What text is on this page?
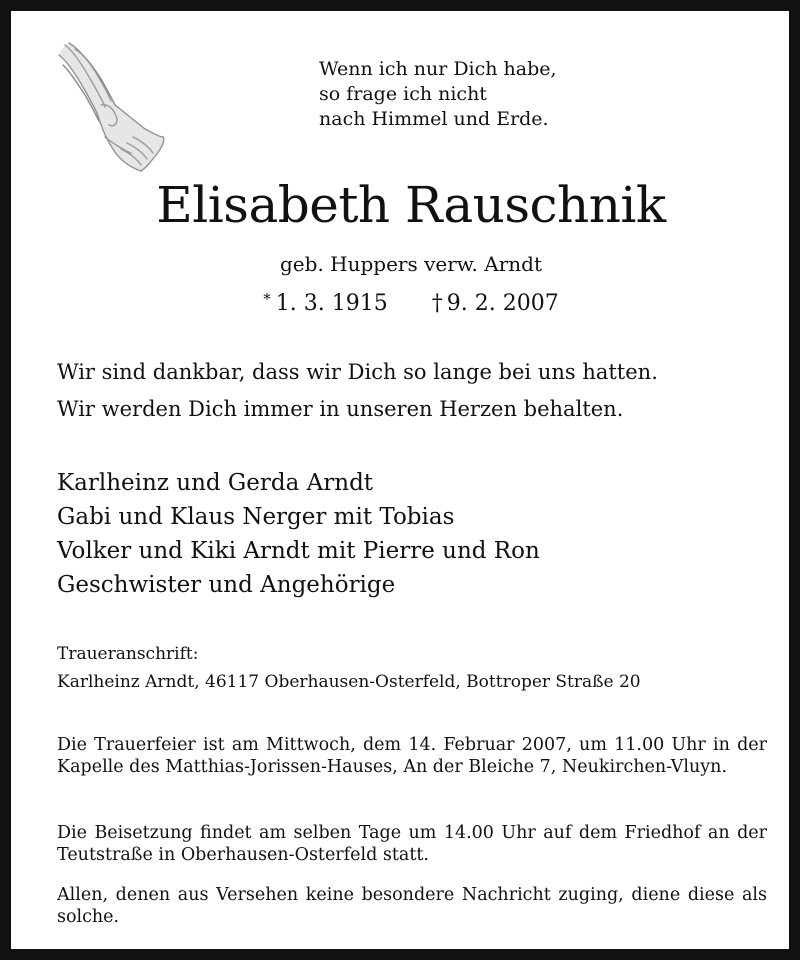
Wenn ich nur Dich habe,
so frage ich nicht
nach Himmel und Erde.
Elisabeth Rauschnik
geb. Huppers verw. Arndt
* 1. 3. 1915 † 9. 2. 2007
Wir sind dankbar, dass wir Dich so lange bei uns hatten.
Wir werden Dich immer in unseren Herzen behalten.
Karlheinz und Gerda Arndt
Gabi und Klaus Nerger mit Tobias
Volker und Kiki Arndt mit Pierre und Ron
Geschwister und Angehörige
Traueranschrift:
Karlheinz Arndt, 46117 Oberhausen-Osterfeld, Bottroper Straße 20
Die Trauerfeier ist am Mittwoch, dem 14. Februar 2007, um 11.00 Uhr in der Kapelle des Matthias-Jorissen-Hauses, An der Bleiche 7, Neukirchen-Vluyn.
Die Beisetzung findet am selben Tage um 14.00 Uhr auf dem Friedhof an der Teutstraße in Oberhausen-Osterfeld statt.
Allen, denen aus Versehen keine besondere Nachricht zuging, diene diese als solche.
